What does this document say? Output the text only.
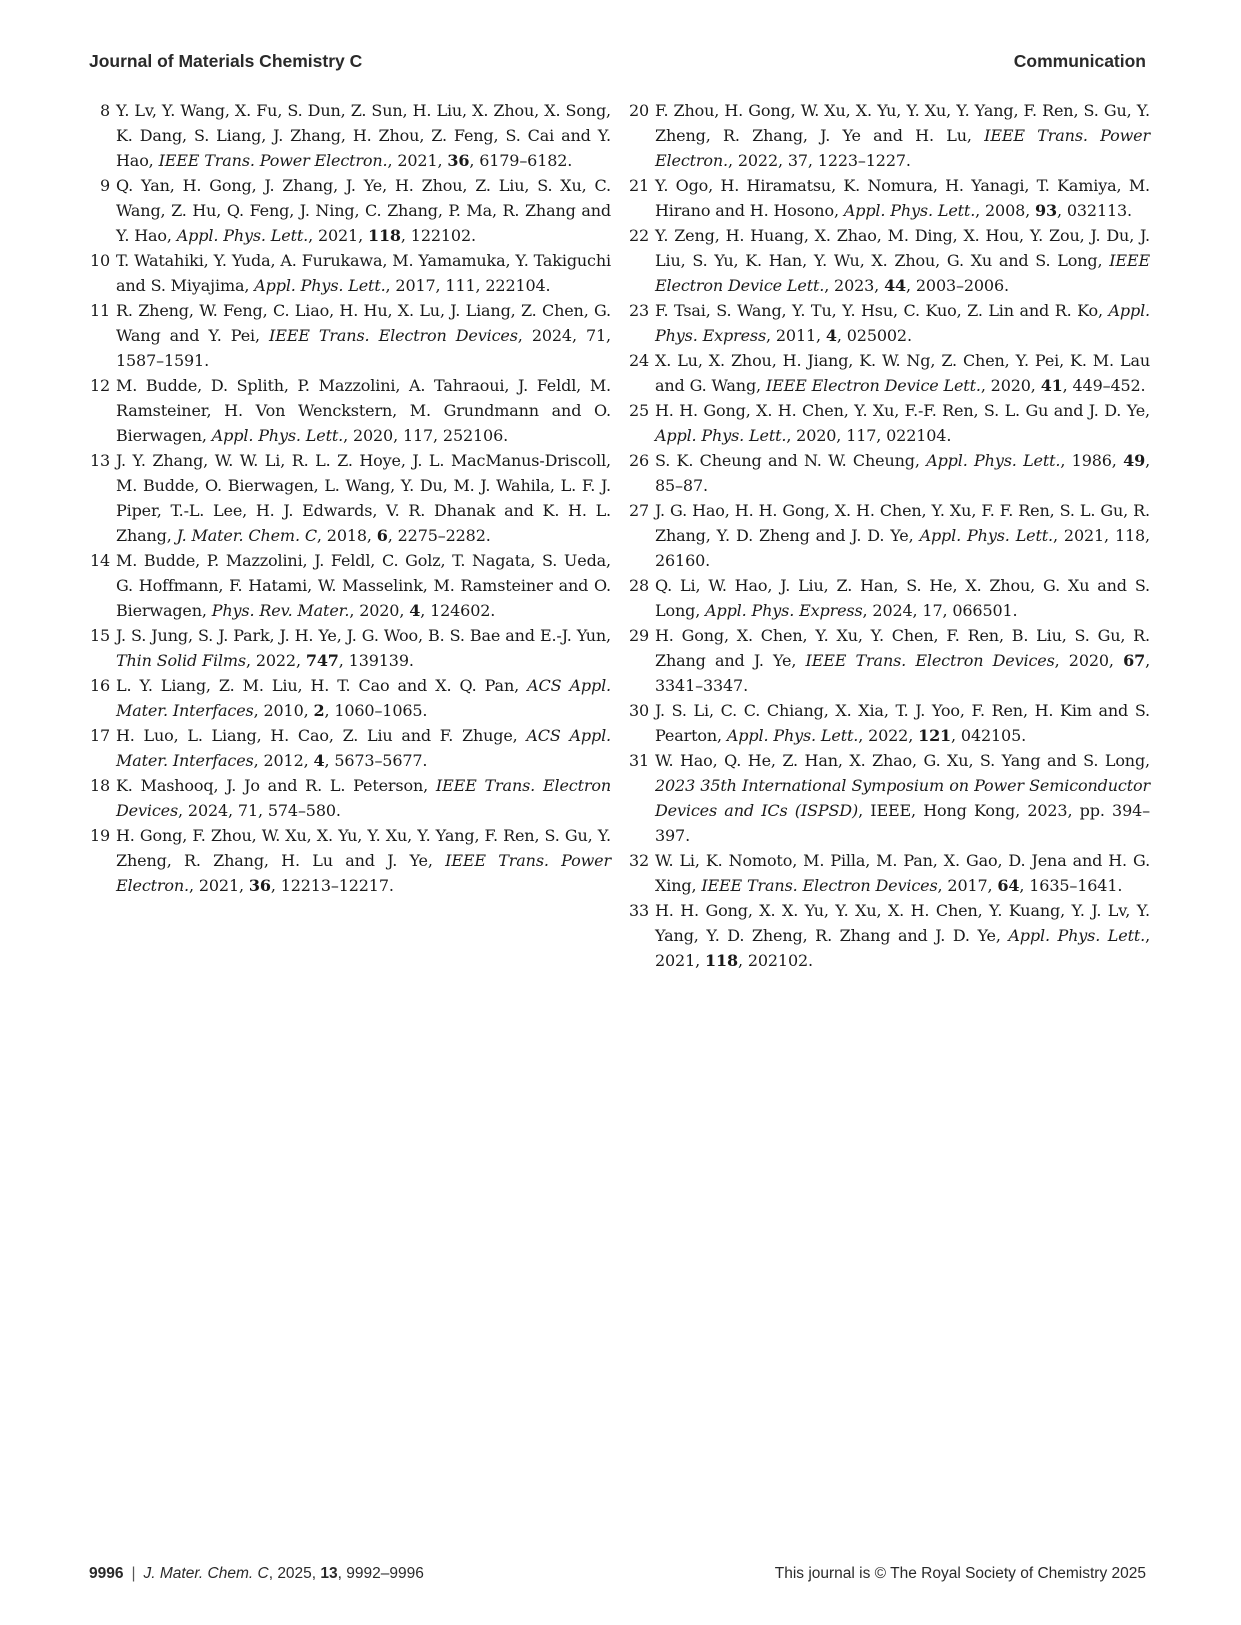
Journal of Materials Chemistry C	Communication

8 Y. Lv, Y. Wang, X. Fu, S. Dun, Z. Sun, H. Liu, X. Zhou, X. Song, K. Dang, S. Liang, J. Zhang, H. Zhou, Z. Feng, S. Cai and Y. Hao, IEEE Trans. Power Electron., 2021, 36, 6179–6182.

9 Q. Yan, H. Gong, J. Zhang, J. Ye, H. Zhou, Z. Liu, S. Xu, C. Wang, Z. Hu, Q. Feng, J. Ning, C. Zhang, P. Ma, R. Zhang and Y. Hao, Appl. Phys. Lett., 2021, 118, 122102.

10 T. Watahiki, Y. Yuda, A. Furukawa, M. Yamamuka, Y. Takiguchi and S. Miyajima, Appl. Phys. Lett., 2017, 111, 222104.

11 R. Zheng, W. Feng, C. Liao, H. Hu, X. Lu, J. Liang, Z. Chen, G. Wang and Y. Pei, IEEE Trans. Electron Devices, 2024, 71, 1587–1591.

12 M. Budde, D. Splith, P. Mazzolini, A. Tahraoui, J. Feldl, M. Ramsteiner, H. Von Wenckstern, M. Grundmann and O. Bierwagen, Appl. Phys. Lett., 2020, 117, 252106.

13 J. Y. Zhang, W. W. Li, R. L. Z. Hoye, J. L. MacManus-Driscoll, M. Budde, O. Bierwagen, L. Wang, Y. Du, M. J. Wahila, L. F. J. Piper, T.-L. Lee, H. J. Edwards, V. R. Dhanak and K. H. L. Zhang, J. Mater. Chem. C, 2018, 6, 2275–2282.

14 M. Budde, P. Mazzolini, J. Feldl, C. Golz, T. Nagata, S. Ueda, G. Hoffmann, F. Hatami, W. Masselink, M. Ramsteiner and O. Bierwagen, Phys. Rev. Mater., 2020, 4, 124602.

15 J. S. Jung, S. J. Park, J. H. Ye, J. G. Woo, B. S. Bae and E.-J. Yun, Thin Solid Films, 2022, 747, 139139.

16 L. Y. Liang, Z. M. Liu, H. T. Cao and X. Q. Pan, ACS Appl. Mater. Interfaces, 2010, 2, 1060–1065.

17 H. Luo, L. Liang, H. Cao, Z. Liu and F. Zhuge, ACS Appl. Mater. Interfaces, 2012, 4, 5673–5677.

18 K. Mashooq, J. Jo and R. L. Peterson, IEEE Trans. Electron Devices, 2024, 71, 574–580.

19 H. Gong, F. Zhou, W. Xu, X. Yu, Y. Xu, Y. Yang, F. Ren, S. Gu, Y. Zheng, R. Zhang, H. Lu and J. Ye, IEEE Trans. Power Electron., 2021, 36, 12213–12217.

20 F. Zhou, H. Gong, W. Xu, X. Yu, Y. Xu, Y. Yang, F. Ren, S. Gu, Y. Zheng, R. Zhang, J. Ye and H. Lu, IEEE Trans. Power Electron., 2022, 37, 1223–1227.

21 Y. Ogo, H. Hiramatsu, K. Nomura, H. Yanagi, T. Kamiya, M. Hirano and H. Hosono, Appl. Phys. Lett., 2008, 93, 032113.

22 Y. Zeng, H. Huang, X. Zhao, M. Ding, X. Hou, Y. Zou, J. Du, J. Liu, S. Yu, K. Han, Y. Wu, X. Zhou, G. Xu and S. Long, IEEE Electron Device Lett., 2023, 44, 2003–2006.

23 F. Tsai, S. Wang, Y. Tu, Y. Hsu, C. Kuo, Z. Lin and R. Ko, Appl. Phys. Express, 2011, 4, 025002.

24 X. Lu, X. Zhou, H. Jiang, K. W. Ng, Z. Chen, Y. Pei, K. M. Lau and G. Wang, IEEE Electron Device Lett., 2020, 41, 449–452.

25 H. H. Gong, X. H. Chen, Y. Xu, F.-F. Ren, S. L. Gu and J. D. Ye, Appl. Phys. Lett., 2020, 117, 022104.

26 S. K. Cheung and N. W. Cheung, Appl. Phys. Lett., 1986, 49, 85–87.

27 J. G. Hao, H. H. Gong, X. H. Chen, Y. Xu, F. F. Ren, S. L. Gu, R. Zhang, Y. D. Zheng and J. D. Ye, Appl. Phys. Lett., 2021, 118, 26160.

28 Q. Li, W. Hao, J. Liu, Z. Han, S. He, X. Zhou, G. Xu and S. Long, Appl. Phys. Express, 2024, 17, 066501.

29 H. Gong, X. Chen, Y. Xu, Y. Chen, F. Ren, B. Liu, S. Gu, R. Zhang and J. Ye, IEEE Trans. Electron Devices, 2020, 67, 3341–3347.

30 J. S. Li, C. C. Chiang, X. Xia, T. J. Yoo, F. Ren, H. Kim and S. Pearton, Appl. Phys. Lett., 2022, 121, 042105.

31 W. Hao, Q. He, Z. Han, X. Zhao, G. Xu, S. Yang and S. Long, 2023 35th International Symposium on Power Semiconductor Devices and ICs (ISPSD), IEEE, Hong Kong, 2023, pp. 394–397.

32 W. Li, K. Nomoto, M. Pilla, M. Pan, X. Gao, D. Jena and H. G. Xing, IEEE Trans. Electron Devices, 2017, 64, 1635–1641.

33 H. H. Gong, X. X. Yu, Y. Xu, X. H. Chen, Y. Kuang, Y. J. Lv, Y. Yang, Y. D. Zheng, R. Zhang and J. D. Ye, Appl. Phys. Lett., 2021, 118, 202102.

9996 | J. Mater. Chem. C, 2025, 13, 9992–9996	This journal is © The Royal Society of Chemistry 2025
